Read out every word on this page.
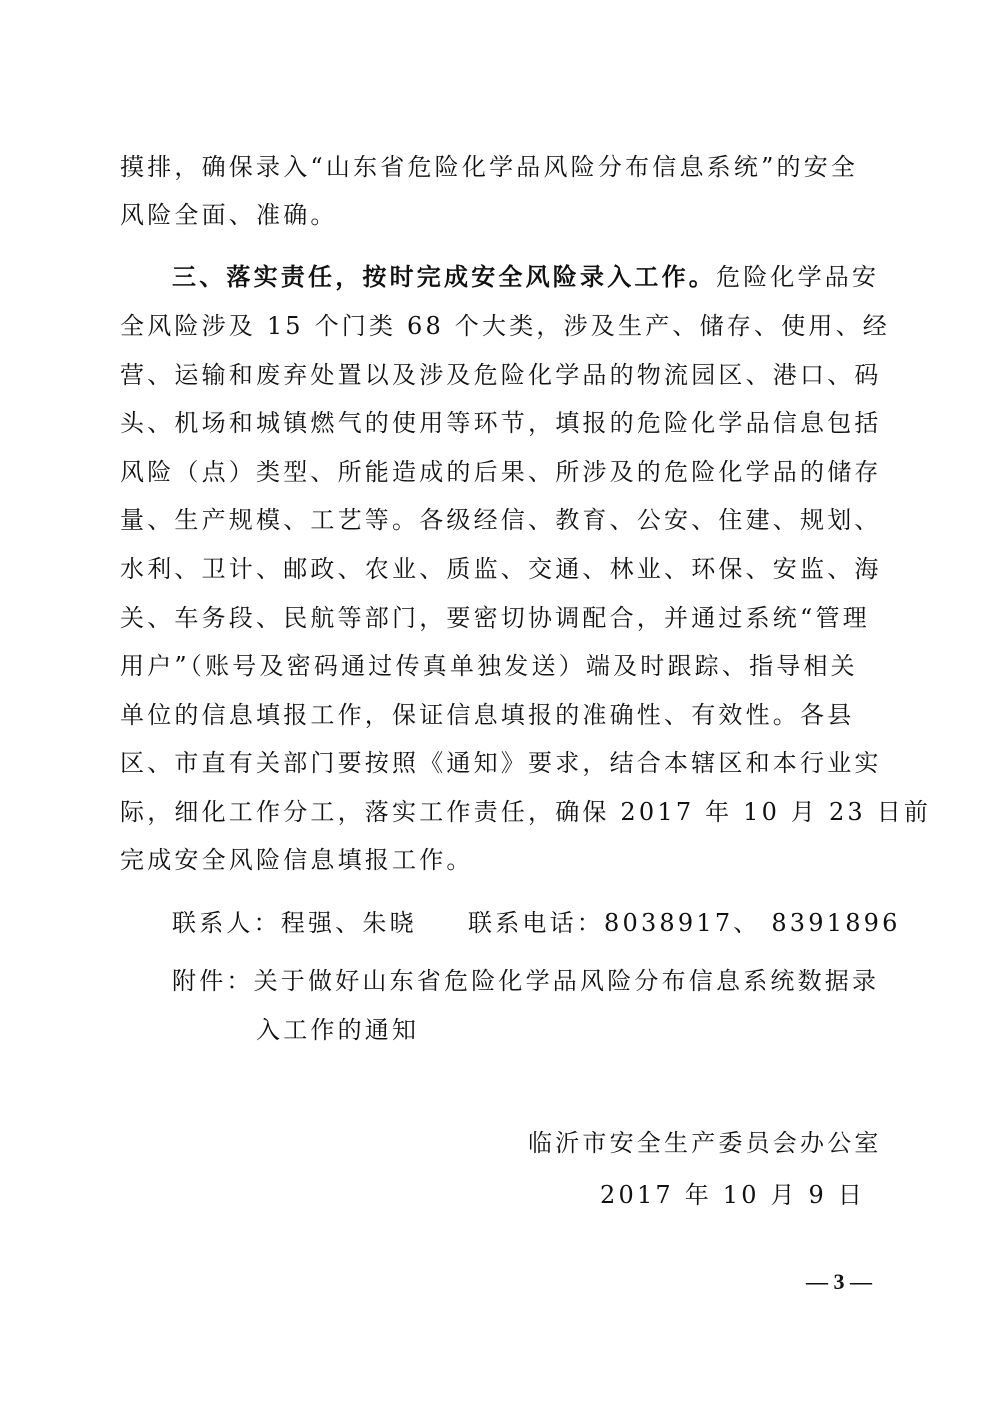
摸排，确保录入“山东省危险化学品风险分布信息系统”的安全
风险全面、准确。
三、落实责任，按时完成安全风险录入工作。危险化学品安
全风险涉及 15 个门类 68 个大类，涉及生产、储存、使用、经
营、运输和废弃处置以及涉及危险化学品的物流园区、港口、码
头、机场和城镇燃气的使用等环节，填报的危险化学品信息包括
风险（点）类型、所能造成的后果、所涉及的危险化学品的储存
量、生产规模、工艺等。各级经信、教育、公安、住建、规划、
水利、卫计、邮政、农业、质监、交通、林业、环保、安监、海
关、车务段、民航等部门，要密切协调配合，并通过系统“管理
用户”（账号及密码通过传真单独发送）端及时跟踪、指导相关
单位的信息填报工作，保证信息填报的准确性、有效性。各县
区、市直有关部门要按照《通知》要求，结合本辖区和本行业实
际，细化工作分工，落实工作责任，确保 2017 年 10 月 23 日前
完成安全风险信息填报工作。
联系人：程强、朱晓 联系电话：8038917、 8391896
附件：关于做好山东省危险化学品风险分布信息系统数据录
入工作的通知
临沂市安全生产委员会办公室
2017 年 10 月 9 日
— 3 —
